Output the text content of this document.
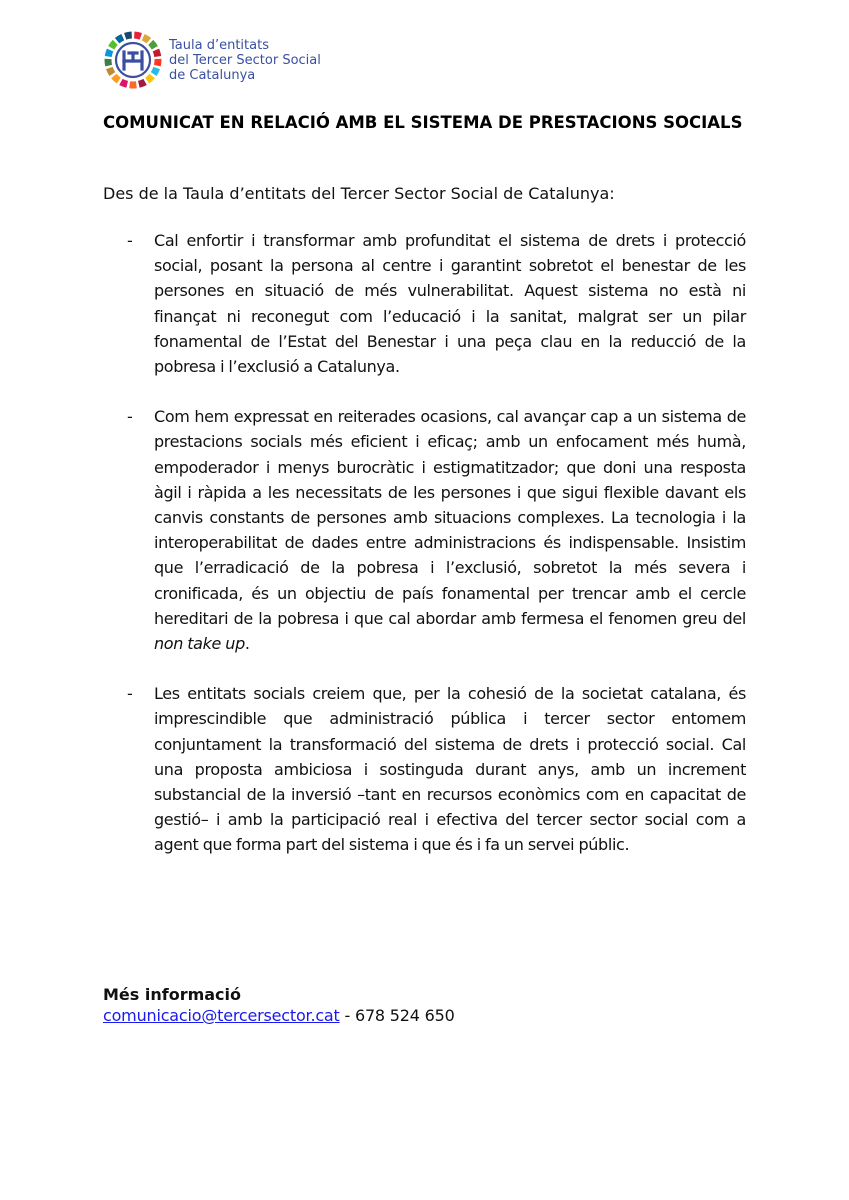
Taula d’entitats
del Tercer Sector Social
de Catalunya
COMUNICAT EN RELACIÓ AMB EL SISTEMA DE PRESTACIONS SOCIALS

Des de la Taula d’entitats del Tercer Sector Social de Catalunya:

- Cal enfortir i transformar amb profunditat el sistema de drets i protecció social, posant la persona al centre i garantint sobretot el benestar de les persones en situació de més vulnerabilitat. Aquest sistema no està ni finançat ni reconegut com l’educació i la sanitat, malgrat ser un pilar fonamental de l’Estat del Benestar i una peça clau en la reducció de la pobresa i l’exclusió a Catalunya.
- Com hem expressat en reiterades ocasions, cal avançar cap a un sistema de prestacions socials més eficient i eficaç; amb un enfocament més humà, empoderador i menys burocràtic i estigmatitzador; que doni una resposta àgil i ràpida a les necessitats de les persones i que sigui flexible davant els canvis constants de persones amb situacions complexes. La tecnologia i la interoperabilitat de dades entre administracions és indispensable. Insistim que l’erradicació de la pobresa i l’exclusió, sobretot la més severa i cronificada, és un objectiu de país fonamental per trencar amb el cercle hereditari de la pobresa i que cal abordar amb fermesa el fenomen greu del non take up.
- Les entitats socials creiem que, per la cohesió de la societat catalana, és imprescindible que administració pública i tercer sector entomem conjuntament la transformació del sistema de drets i protecció social. Cal una proposta ambiciosa i sostinguda durant anys, amb un increment substancial de la inversió –tant en recursos econòmics com en capacitat de gestió– i amb la participació real i efectiva del tercer sector social com a agent que forma part del sistema i que és i fa un servei públic.

Més informació

comunicacio@tercersector.cat - 678 524 650
